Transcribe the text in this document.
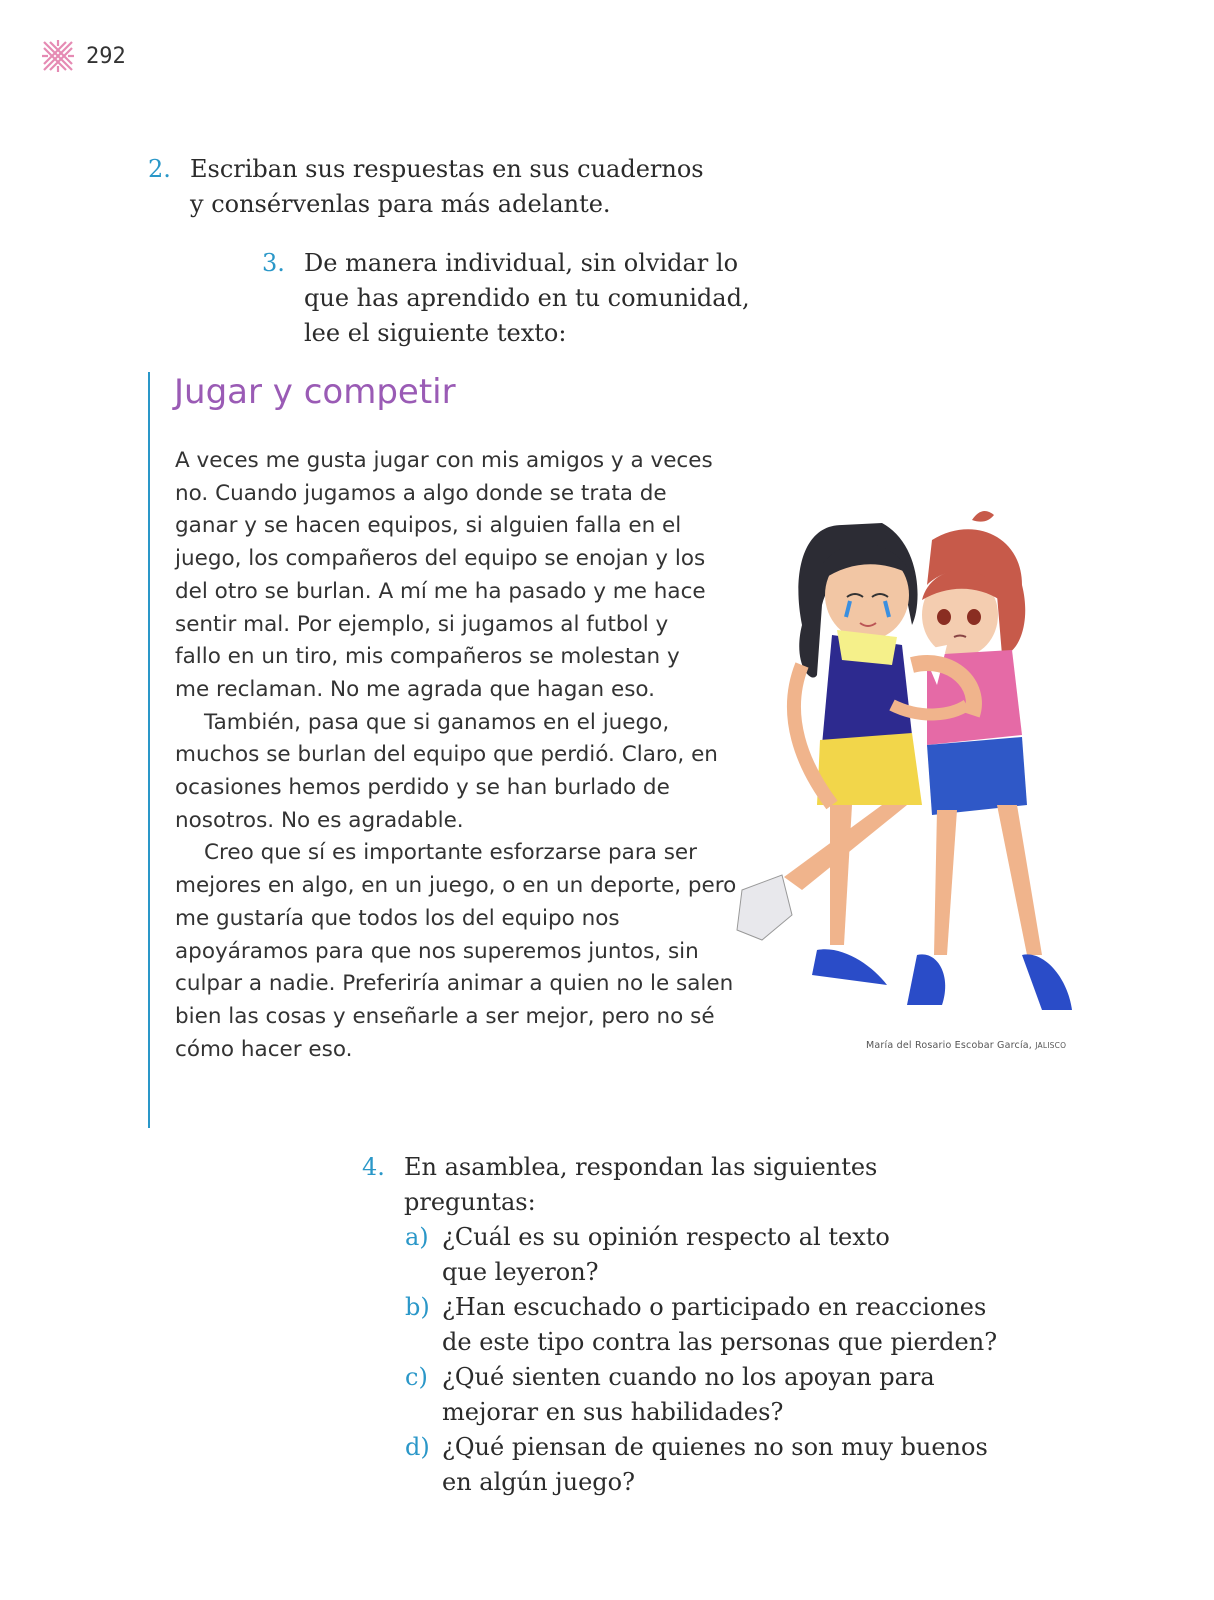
292
2. Escriban sus respuestas en sus cuadernos y consérvenlas para más adelante.
3. De manera individual, sin olvidar lo que has aprendido en tu comunidad, lee el siguiente texto:
Jugar y competir

A veces me gusta jugar con mis amigos y a veces no. Cuando jugamos a algo donde se trata de ganar y se hacen equipos, si alguien falla en el juego, los compañeros del equipo se enojan y los del otro se burlan. A mí me ha pasado y me hace sentir mal. Por ejemplo, si jugamos al futbol y fallo en un tiro, mis compañeros se molestan y me reclaman. No me agrada que hagan eso.

También, pasa que si ganamos en el juego, muchos se burlan del equipo que perdió. Claro, en ocasiones hemos perdido y se han burlado de nosotros. No es agradable.

Creo que sí es importante esforzarse para ser mejores en algo, en un juego, o en un deporte, pero me gustaría que todos los del equipo nos apoyáramos para que nos superemos juntos, sin culpar a nadie. Preferiría animar a quien no le salen bien las cosas y enseñarle a ser mejor, pero no sé cómo hacer eso.	María del Rosario Escobar García, JALISCO
4. En asamblea, respondan las siguientes preguntas:
a) ¿Cuál es su opinión respecto al texto que leyeron?
b) ¿Han escuchado o participado en reacciones de este tipo contra las personas que pierden?
c) ¿Qué sienten cuando no los apoyan para mejorar en sus habilidades?
d) ¿Qué piensan de quienes no son muy buenos en algún juego?
